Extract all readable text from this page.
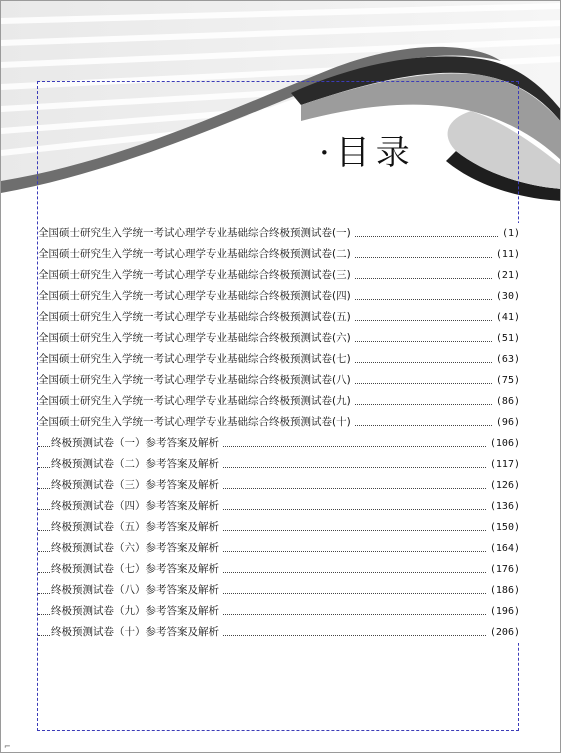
·目录
全国硕士研究生入学统一考试心理学专业基础综合终极预测试卷(一)	(1)
全国硕士研究生入学统一考试心理学专业基础综合终极预测试卷(二)	(11)
全国硕士研究生入学统一考试心理学专业基础综合终极预测试卷(三)	(21)
全国硕士研究生入学统一考试心理学专业基础综合终极预测试卷(四)	(30)
全国硕士研究生入学统一考试心理学专业基础综合终极预测试卷(五)	(41)
全国硕士研究生入学统一考试心理学专业基础综合终极预测试卷(六)	(51)
全国硕士研究生入学统一考试心理学专业基础综合终极预测试卷(七)	(63)
全国硕士研究生入学统一考试心理学专业基础综合终极预测试卷(八)	(75)
全国硕士研究生入学统一考试心理学专业基础综合终极预测试卷(九)	(86)
全国硕士研究生入学统一考试心理学专业基础综合终极预测试卷(十)	(96)
终极预测试卷（一）参考答案及解析	(106)
终极预测试卷（二）参考答案及解析	(117)
终极预测试卷（三）参考答案及解析	(126)
终极预测试卷（四）参考答案及解析	(136)
终极预测试卷（五）参考答案及解析	(150)
终极预测试卷（六）参考答案及解析	(164)
终极预测试卷（七）参考答案及解析	(176)
终极预测试卷（八）参考答案及解析	(186)
终极预测试卷（九）参考答案及解析	(196)
终极预测试卷（十）参考答案及解析	(206)
⌐
